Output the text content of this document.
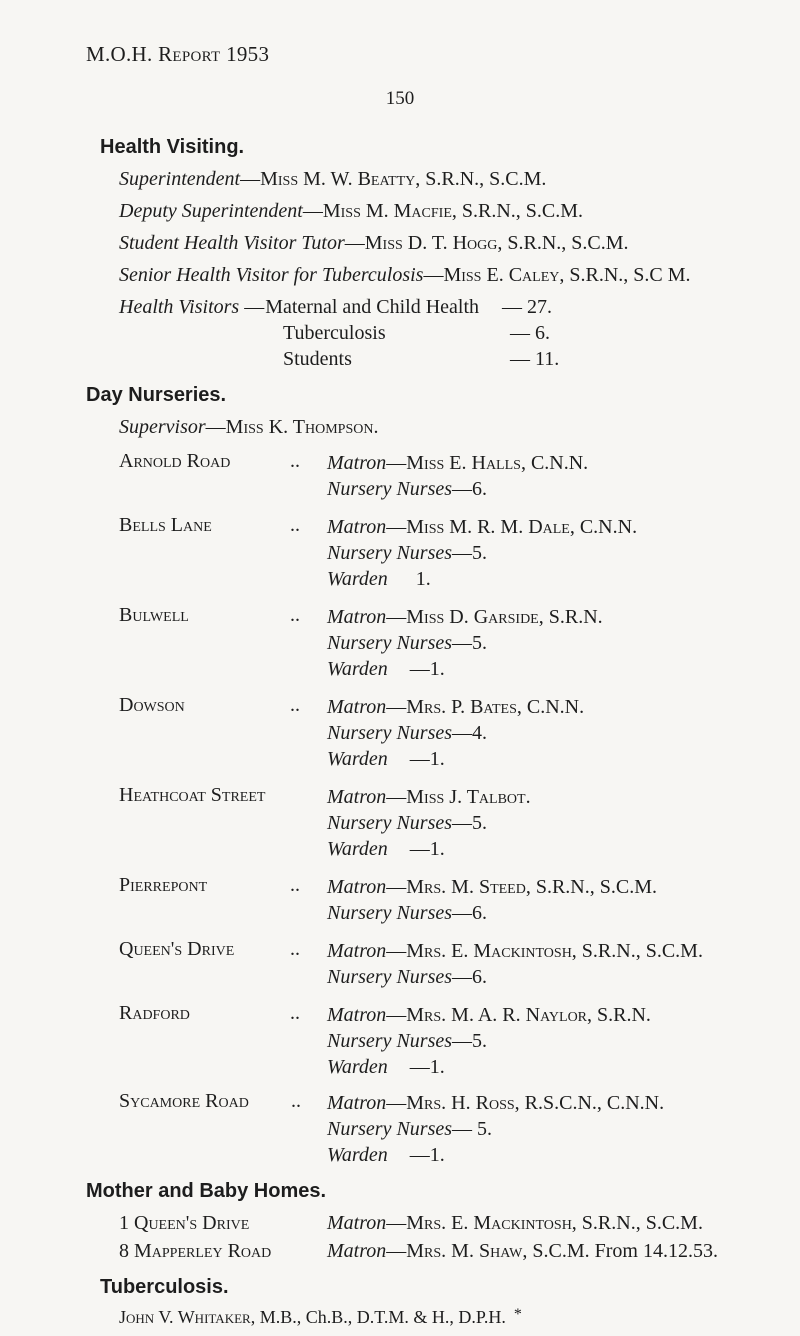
M.O.H. Report 1953
150
Health Visiting.
Superintendent—Miss M. W. Beatty, S.R.N., S.C.M.
Deputy Superintendent—Miss M. Macfie, S.R.N., S.C.M.
Student Health Visitor Tutor—Miss D. T. Hogg, S.R.N., S.C.M.
Senior Health Visitor for Tuberculosis—Miss E. Caley, S.R.N., S.C M.
Health Visitors —Maternal and Child Health — 27.
Tuberculosis	— 6.
Students	— 11.
Day Nurseries.
Supervisor—Miss K. Thompson.
Arnold Road	.. Matron—Miss E. Halls, C.N.N.
Nursery Nurses—6.
Bells Lane	.. Matron—Miss M. R. M. Dale, C.N.N.
Nursery Nurses—5.
Warden 1.
Bulwell	.. Matron—Miss D. Garside, S.R.N.
Nursery Nurses—5.
Warden —1.
Dowson	.. Matron—Mrs. P. Bates, C.N.N.
Nursery Nurses—4.
Warden —1.
Heathcoat Street	Matron—Miss J. Talbot.
Nursery Nurses—5.
Warden —1.
Pierrepont	.. Matron—Mrs. M. Steed, S.R.N., S.C.M.
Nursery Nurses—6.
Queen's Drive	.. Matron—Mrs. E. Mackintosh, S.R.N., S.C.M.
Nursery Nurses—6.
Radford	.. Matron—Mrs. M. A. R. Naylor, S.R.N.
Nursery Nurses—5.
Warden —1.
Sycamore Road .. Matron—Mrs. H. Ross, R.S.C.N., C.N.N.
Nursery Nurses— 5.
Warden —1.
Mother and Baby Homes.
1 Queen's Drive	Matron—Mrs. E. Mackintosh, S.R.N., S.C.M.
8 Mapperley Road	Matron—Mrs. M. Shaw, S.C.M. From 14.12.53.
Tuberculosis.
John V. Whitaker, M.B., Ch.B., D.T.M. & H., D.P.H. *
